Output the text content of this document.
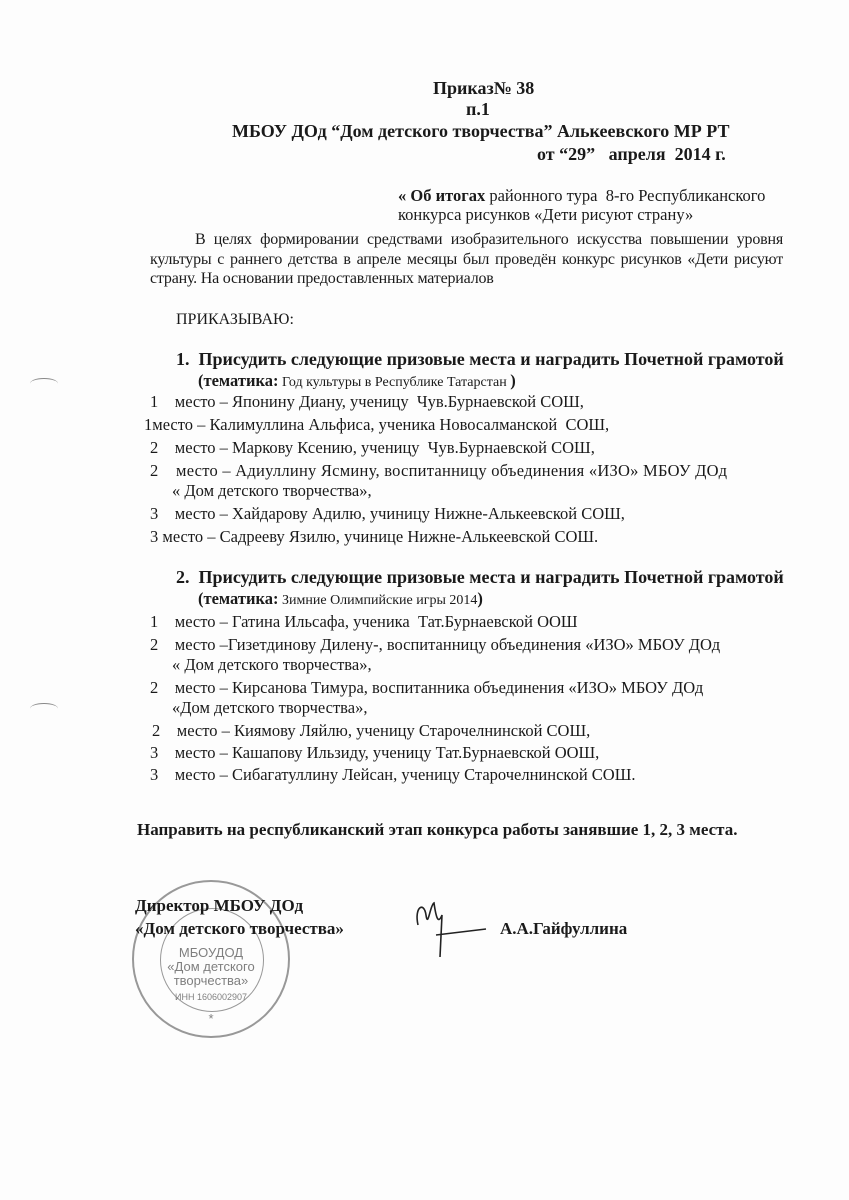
Приказ№ 38
п.1
МБОУ ДОд “Дом детского творчества” Алькеевского МР РТ
от “29”   апреля  2014 г.
« Об итогах районного тура  8-го Республиканского
конкурса рисунков «Дети рисуют страну»
В целях формировании средствами изобразительного искусства повышении уровня культуры с раннего детства в апреле месяцы был проведён конкурс рисунков «Дети рисуют страну. На основании предоставленных материалов
ПРИКАЗЫВАЮ:
1.  Присудить следующие призовые места и наградить Почетной грамотой
(тематика: Год культуры в Республике Татарстан )
1    место – Японину Диану, ученицу  Чув.Бурнаевской СОШ,
1место – Калимуллина Альфиса, ученика Новосалманской  СОШ,
2    место – Маркову Ксению, ученицу  Чув.Бурнаевской СОШ,
2    место – Адиуллину Ясмину, воспитанницу объединения «ИЗО» МБОУ ДОд
« Дом детского творчества»,
3    место – Хайдарову Адилю, учиницу Нижне-Алькеевской СОШ,
3 место – Садрееву Язилю, учинице Нижне-Алькеевской СОШ.
2.  Присудить следующие призовые места и наградить Почетной грамотой
(тематика: Зимние Олимпийские игры 2014)
1    место – Гатина Ильсафа, ученика  Тат.Бурнаевской ООШ
2    место –Гизетдинову Дилену-, воспитанницу объединения «ИЗО» МБОУ ДОд
« Дом детского творчества»,
2    место – Кирсанова Тимура, воспитанника объединения «ИЗО» МБОУ ДОд
«Дом детского творчества»,
2    место – Киямову Ляйлю, ученицу Старочелнинской СОШ,
3    место – Кашапову Ильзиду, ученицу Тат.Бурнаевской ООШ,
3    место – Сибагатуллину Лейсан, ученицу Старочелнинской СОШ.
Направить на республиканский этап конкурса работы занявшие 1, 2, 3 места.
МБОУДОД
«Дом детского
творчества»
ИНН 1606002907
*
Директор МБОУ ДОд
«Дом детского творчества»	А.А.Гайфуллина
